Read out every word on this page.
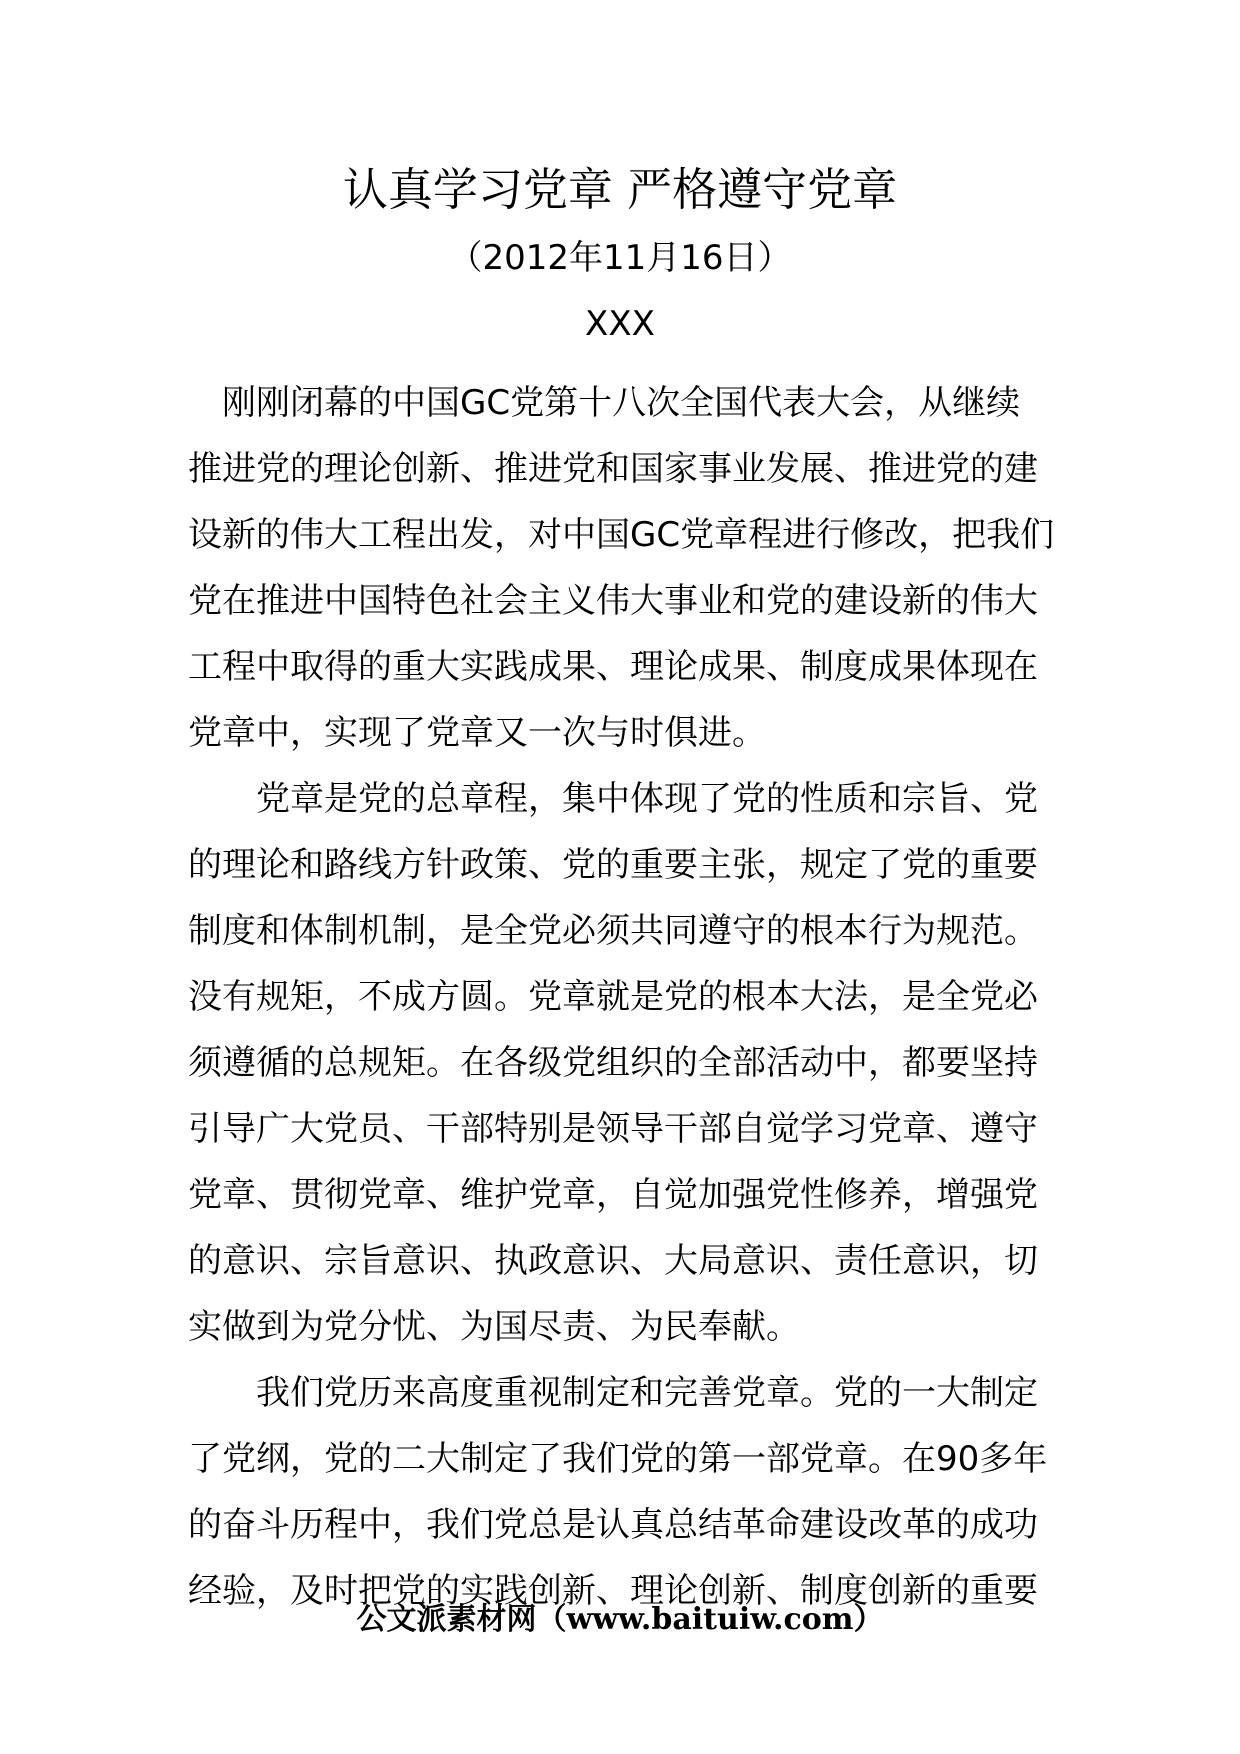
认真学习党章 严格遵守党章
（2012年11月16日）
XXX
刚刚闭幕的中国GC党第十八次全国代表大会，从继续
推进党的理论创新、推进党和国家事业发展、推进党的建
设新的伟大工程出发，对中国GC党章程进行修改，把我们
党在推进中国特色社会主义伟大事业和党的建设新的伟大
工程中取得的重大实践成果、理论成果、制度成果体现在
党章中，实现了党章又一次与时俱进。
党章是党的总章程，集中体现了党的性质和宗旨、党
的理论和路线方针政策、党的重要主张，规定了党的重要
制度和体制机制，是全党必须共同遵守的根本行为规范。
没有规矩，不成方圆。党章就是党的根本大法，是全党必
须遵循的总规矩。在各级党组织的全部活动中，都要坚持
引导广大党员、干部特别是领导干部自觉学习党章、遵守
党章、贯彻党章、维护党章，自觉加强党性修养，增强党
的意识、宗旨意识、执政意识、大局意识、责任意识，切
实做到为党分忧、为国尽责、为民奉献。
我们党历来高度重视制定和完善党章。党的一大制定
了党纲，党的二大制定了我们党的第一部党章。在90多年
的奋斗历程中，我们党总是认真总结革命建设改革的成功
经验，及时把党的实践创新、理论创新、制度创新的重要
公文派素材网（www.baituiw.com）
